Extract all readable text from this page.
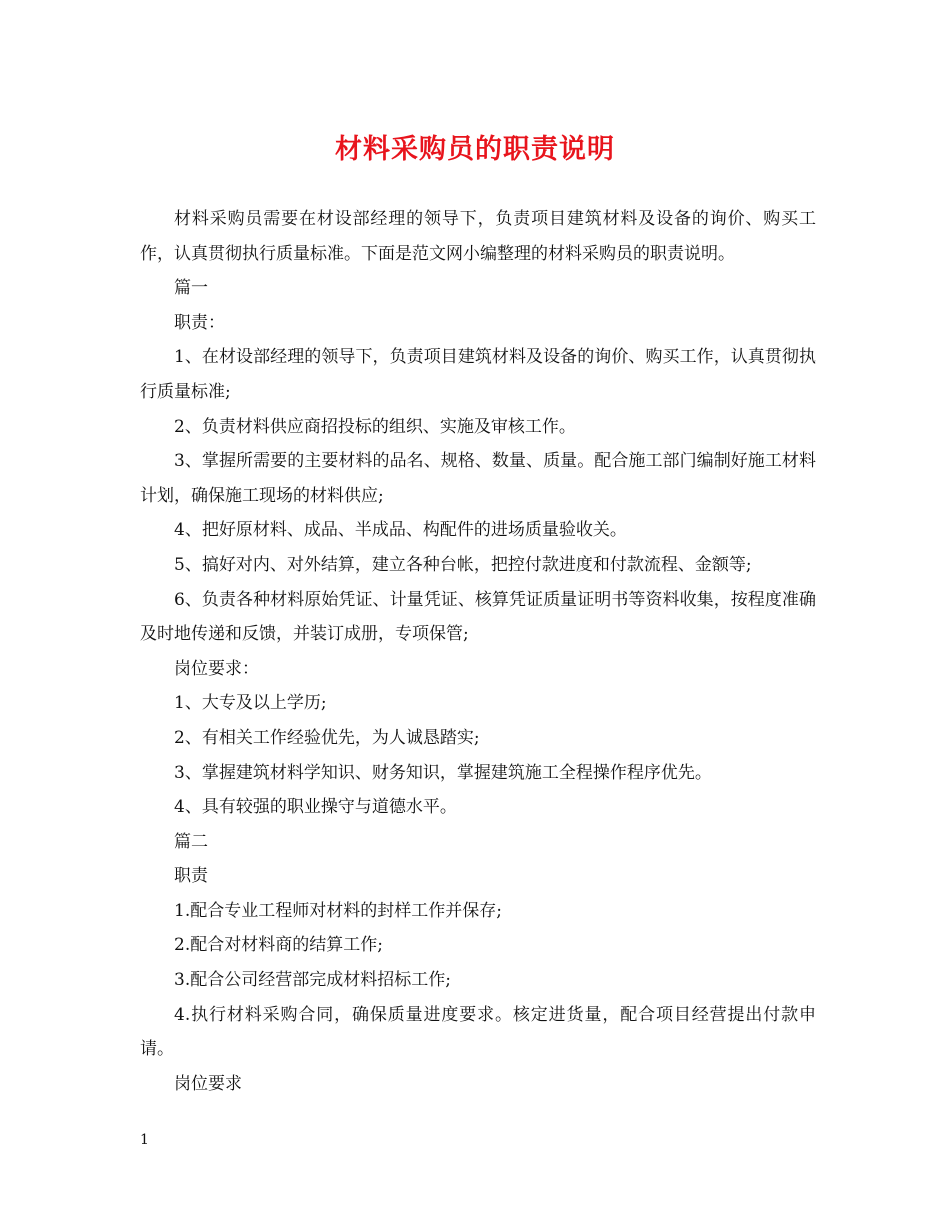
材料采购员的职责说明

材料采购员需要在材设部经理的领导下，负责项目建筑材料及设备的询价、购买工作，认真贯彻执行质量标准。下面是范文网小编整理的材料采购员的职责说明。

篇一

职责：

1、在材设部经理的领导下，负责项目建筑材料及设备的询价、购买工作，认真贯彻执行质量标准;

2、负责材料供应商招投标的组织、实施及审核工作。

3、掌握所需要的主要材料的品名、规格、数量、质量。配合施工部门编制好施工材料计划，确保施工现场的材料供应;

4、把好原材料、成品、半成品、构配件的进场质量验收关。

5、搞好对内、对外结算，建立各种台帐，把控付款进度和付款流程、金额等;

6、负责各种材料原始凭证、计量凭证、核算凭证质量证明书等资料收集，按程度准确及时地传递和反馈，并装订成册，专项保管;

岗位要求：

1、大专及以上学历;

2、有相关工作经验优先，为人诚恳踏实;

3、掌握建筑材料学知识、财务知识，掌握建筑施工全程操作程序优先。

4、具有较强的职业操守与道德水平。

篇二

职责

1.配合专业工程师对材料的封样工作并保存;

2.配合对材料商的结算工作;

3.配合公司经营部完成材料招标工作;

4.执行材料采购合同，确保质量进度要求。核定进货量，配合项目经营提出付款申请。

岗位要求

1
